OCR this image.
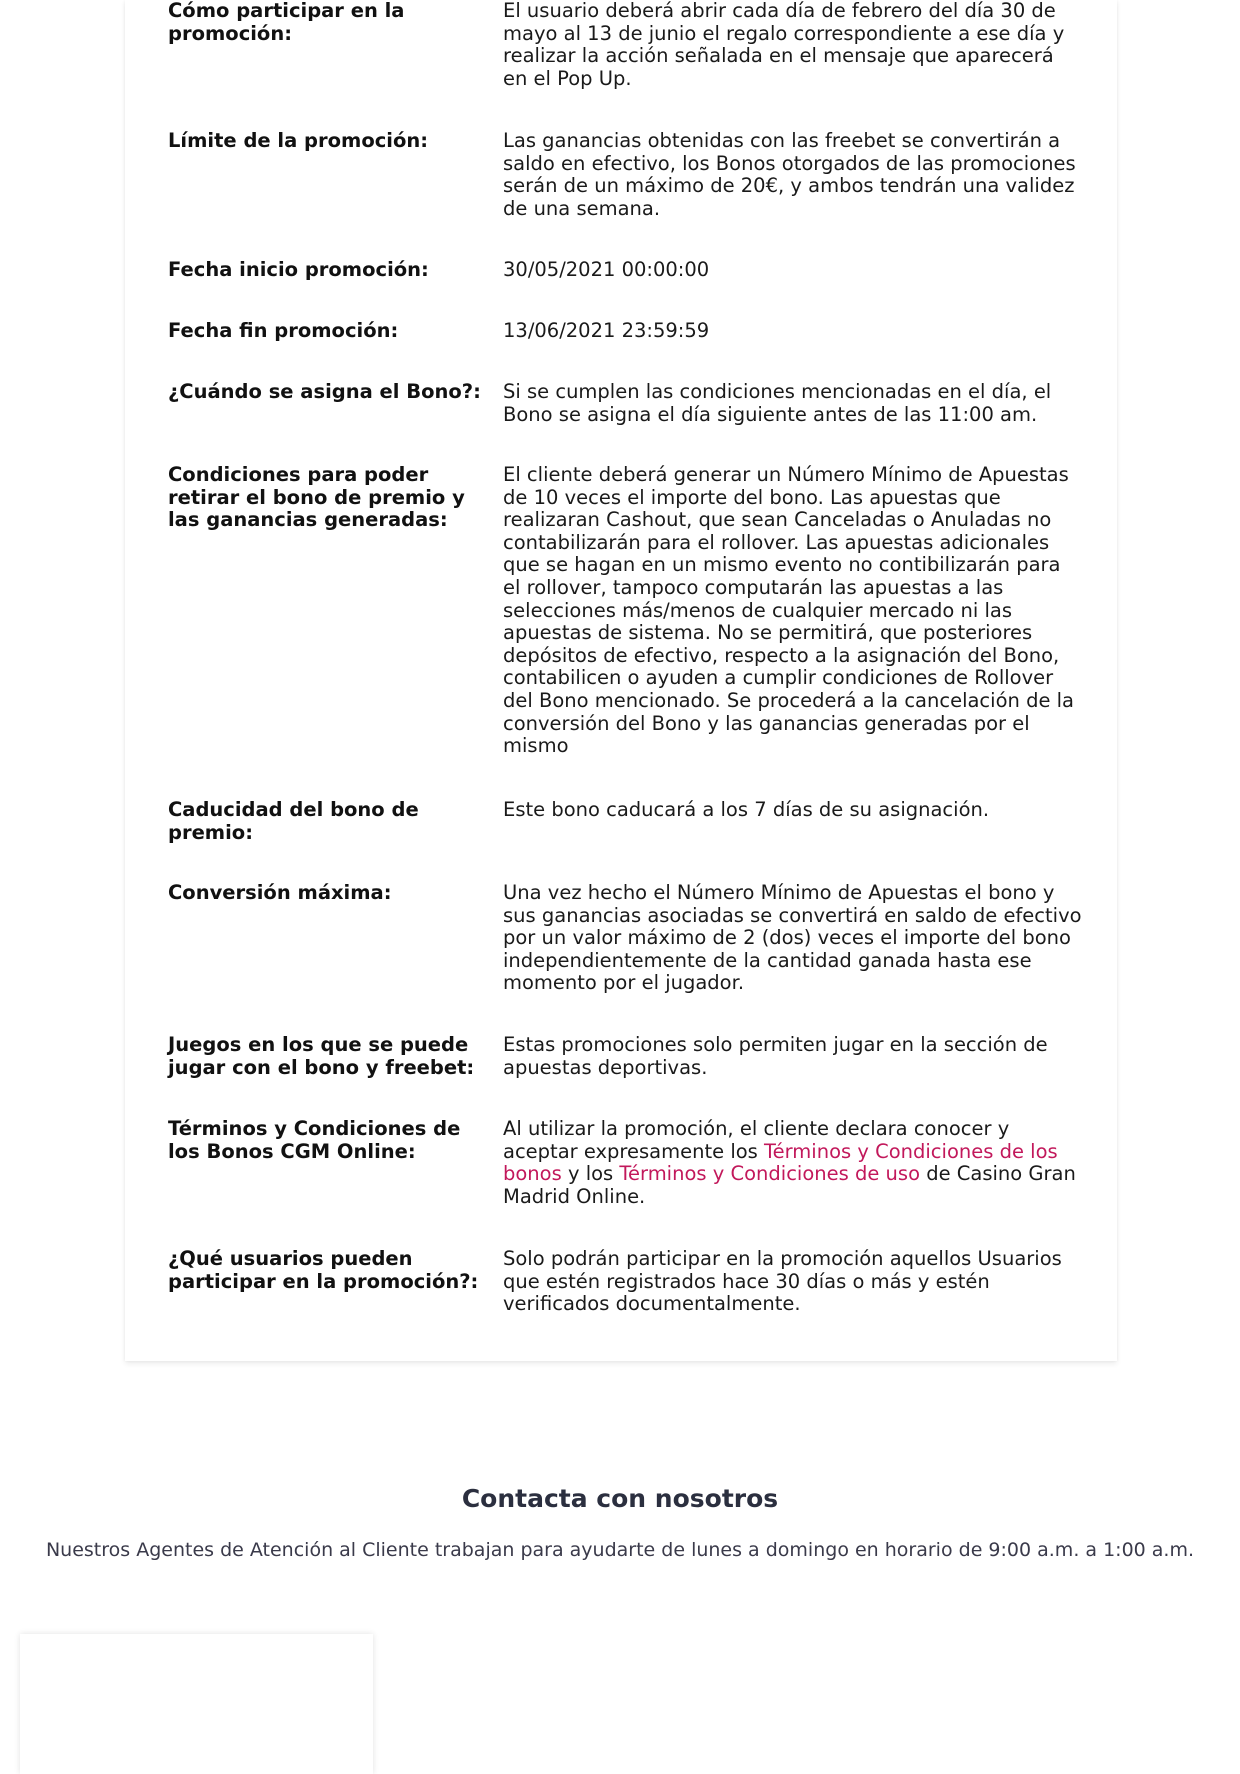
Cómo participar en la promoción:
El usuario deberá abrir cada día de febrero del día 30 de mayo al 13 de junio el regalo correspondiente a ese día y realizar la acción señalada en el mensaje que aparecerá en el Pop Up.
Límite de la promoción:	Las ganancias obtenidas con las freebet se convertirán a saldo en efectivo, los Bonos otorgados de las promociones serán de un máximo de 20€, y ambos tendrán una validez de una semana.
Fecha inicio promoción:	30/05/2021 00:00:00
Fecha fin promoción:	13/06/2021 23:59:59
¿Cuándo se asigna el Bono?: Si se cumplen las condiciones mencionadas en el día, el Bono se asigna el día siguiente antes de las 11:00 am.
Condiciones para poder retirar el bono de premio y las ganancias generadas:
El cliente deberá generar un Número Mínimo de Apuestas de 10 veces el importe del bono. Las apuestas que realizaran Cashout, que sean Canceladas o Anuladas no contabilizarán para el rollover. Las apuestas adicionales que se hagan en un mismo evento no contibilizarán para el rollover, tampoco computarán las apuestas a las selecciones más/menos de cualquier mercado ni las apuestas de sistema. No se permitirá, que posteriores depósitos de efectivo, respecto a la asignación del Bono, contabilicen o ayuden a cumplir condiciones de Rollover del Bono mencionado. Se procederá a la cancelación de la conversión del Bono y las ganancias generadas por el mismo
Caducidad del bono de premio:
Este bono caducará a los 7 días de su asignación.
Conversión máxima:	Una vez hecho el Número Mínimo de Apuestas el bono y sus ganancias asociadas se convertirá en saldo de efectivo por un valor máximo de 2 (dos) veces el importe del bono independientemente de la cantidad ganada hasta ese momento por el jugador.
Juegos en los que se puede jugar con el bono y freebet:
Estas promociones solo permiten jugar en la sección de apuestas deportivas.
Términos y Condiciones de los Bonos CGM Online:
Al utilizar la promoción, el cliente declara conocer y aceptar expresamente los Términos y Condiciones de los bonos y los Términos y Condiciones de uso de Casino Gran Madrid Online.
¿Qué usuarios pueden participar en la promoción?:
Solo podrán participar en la promoción aquellos Usuarios que estén registrados hace 30 días o más y estén verificados documentalmente.
Contacta con nosotros
Nuestros Agentes de Atención al Cliente trabajan para ayudarte de lunes a domingo en horario de 9:00 a.m. a 1:00 a.m.
